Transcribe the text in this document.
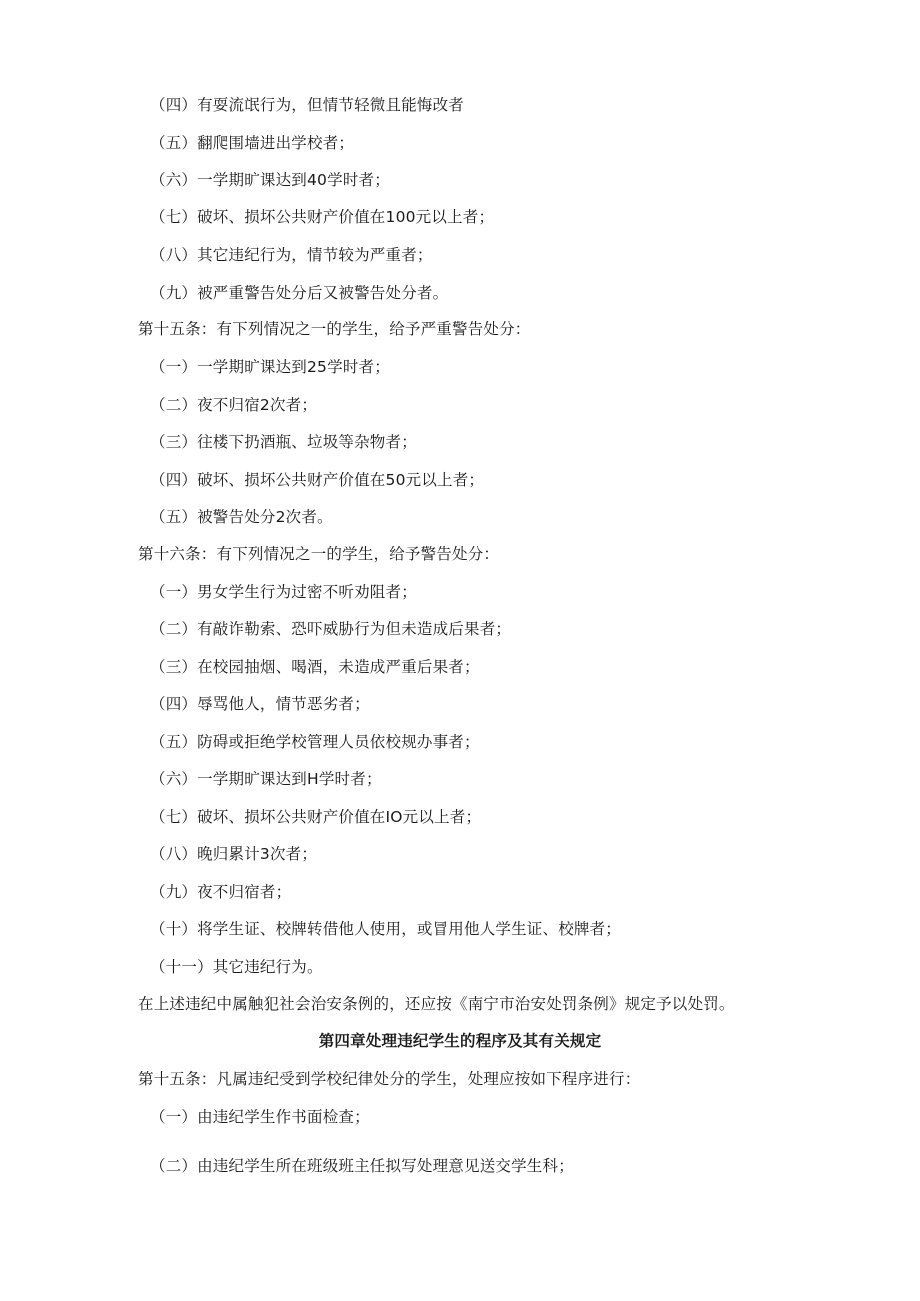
（四）有耍流氓行为，但情节轻微且能悔改者
（五）翻爬围墙进出学校者；
（六）一学期旷课达到40学时者；
（七）破坏、损坏公共财产价值在100元以上者；
（八）其它违纪行为，情节较为严重者；
（九）被严重警告处分后又被警告处分者。
第十五条：有下列情况之一的学生，给予严重警告处分：
（一）一学期旷课达到25学时者；
（二）夜不归宿2次者；
（三）往楼下扔酒瓶、垃圾等杂物者；
（四）破坏、损坏公共财产价值在50元以上者；
（五）被警告处分2次者。
第十六条：有下列情况之一的学生，给予警告处分：
（一）男女学生行为过密不听劝阻者；
（二）有敲诈勒索、恐吓威胁行为但未造成后果者；
（三）在校园抽烟、喝酒，未造成严重后果者；
（四）辱骂他人，情节恶劣者；
（五）防碍或拒绝学校管理人员依校规办事者；
（六）一学期旷课达到H学时者；
（七）破坏、损坏公共财产价值在IO元以上者；
（八）晚归累计3次者；
（九）夜不归宿者；
（十）将学生证、校牌转借他人使用，或冒用他人学生证、校牌者；
（十一）其它违纪行为。
在上述违纪中属触犯社会治安条例的，还应按《南宁市治安处罚条例》规定予以处罚。
第四章处理违纪学生的程序及其有关规定
第十五条：凡属违纪受到学校纪律处分的学生，处理应按如下程序进行：
（一）由违纪学生作书面检查；
（二）由违纪学生所在班级班主任拟写处理意见送交学生科；
